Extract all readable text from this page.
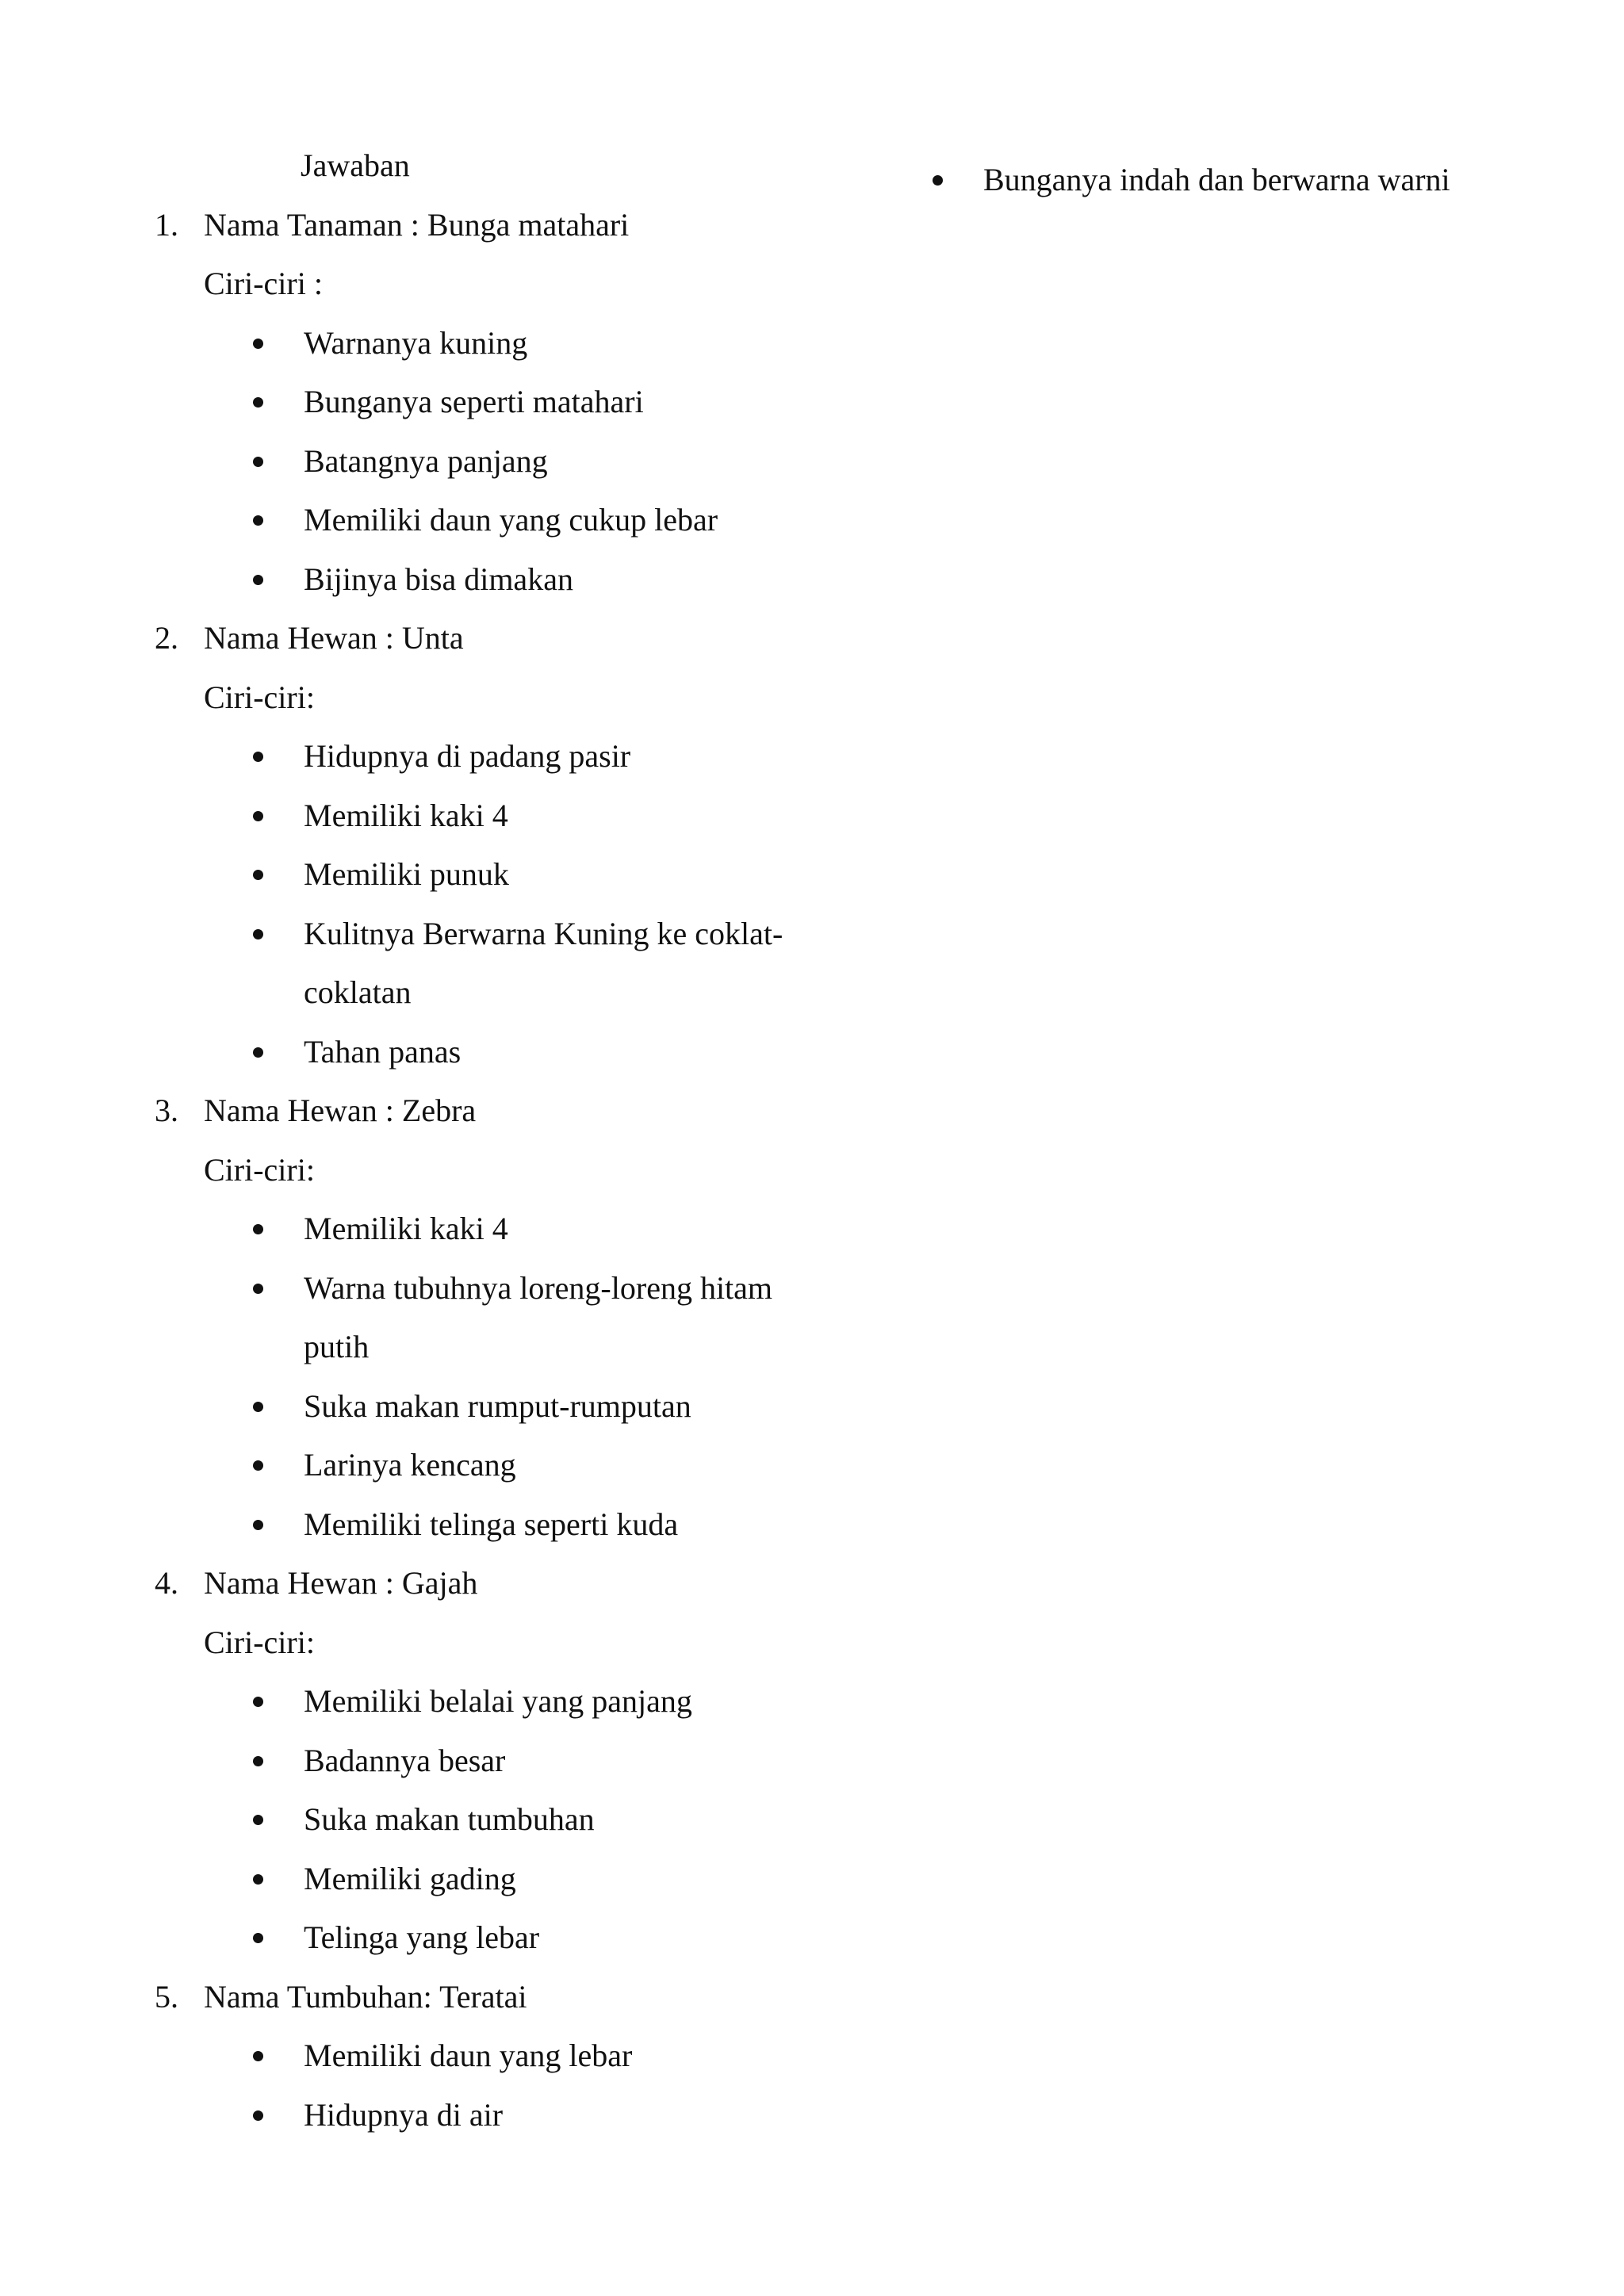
Jawaban
1. Nama Tanaman : Bunga matahari
Ciri-ciri :
Warnanya kuning
Bunganya seperti matahari
Batangnya panjang
Memiliki daun yang cukup lebar
Bijinya bisa dimakan
2. Nama Hewan : Unta
Ciri-ciri:
Hidupnya di padang pasir
Memiliki kaki 4
Memiliki punuk
Kulitnya Berwarna Kuning ke coklat-coklatan
Tahan panas
3. Nama Hewan : Zebra
Ciri-ciri:
Memiliki kaki 4
Warna tubuhnya loreng-loreng hitam putih
Suka makan rumput-rumputan
Larinya kencang
Memiliki telinga seperti kuda
4. Nama Hewan : Gajah
Ciri-ciri:
Memiliki belalai yang panjang
Badannya besar
Suka makan tumbuhan
Memiliki gading
Telinga yang lebar
5. Nama Tumbuhan: Teratai
Memiliki daun yang lebar
Hidupnya di air
Bunganya indah dan berwarna warni
